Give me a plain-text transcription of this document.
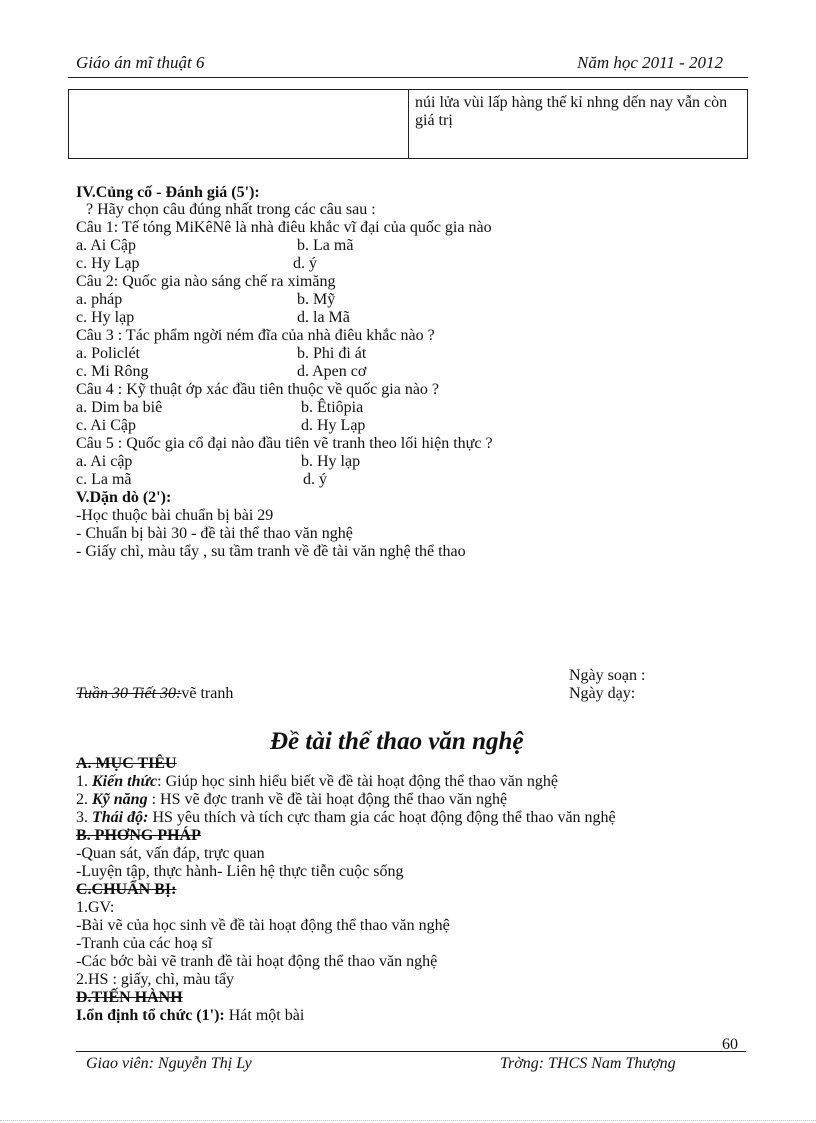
Giáo án mĩ thuật 6	Năm học 2011 - 2012
núi lửa vùi lấp hàng thế kỉ nhng dến nay vẫn còn giá trị
IV.Củng cố - Đánh giá (5'):
? Hãy chọn câu đúng nhất trong các câu sau :
Câu 1: Tế tóng MiKêNê là nhà điêu khắc vĩ đại của quốc gia nào
a. Ai Cập	b. La mã
c. Hy Lạp	d. ý
Câu 2: Quốc gia nào sáng chế ra ximăng
a. pháp	b. Mỹ
c. Hy lạp	d. la Mã
Câu 3 : Tác phẩm ngời ném đĩa của nhà điêu khắc nào ?
a. Policlét	b. Phi đi át
c. Mi Rông	d. Apen cơ
Câu 4 : Kỹ thuật ớp xác đầu tiên thuộc về quốc gia nào ?
a. Dim ba biê	b. Êtiôpia
c. Ai Cập	d. Hy Lạp
Câu 5 : Quốc gia cổ đại nào đầu tiên vẽ tranh theo lối hiện thực ?
a. Ai cập	b. Hy lạp
c. La mã	d. ý
V.Dặn dò (2'):
-Học thuộc bài chuẩn bị bài 29
- Chuẩn bị bài 30 - đề tài thể thao văn nghệ
- Giấy chì, màu tẩy , su tầm tranh về đề tài văn nghệ thể thao
Ngày soạn :
Ngày dạy:
Tuần 30 Tiết 30:vẽ tranh
Đề tài thể thao văn nghệ
A. MỤC TIÊU
1. Kiến thức: Giúp học sinh hiểu biết về đề tài hoạt động thể thao văn nghệ
2. Kỹ năng : HS vẽ đợc tranh về đề tài hoạt động thể thao văn nghệ
3. Thái độ: HS yêu thích và tích cực tham gia các hoạt động động thể thao văn nghệ
B. PHƠNG PHÁP
-Quan sát, vấn đáp, trực quan
-Luyện tập, thực hành- Liên hệ thực tiễn cuộc sống
C.CHUẨN BỊ:
1.GV:
-Bài vẽ của học sinh về đề tài hoạt động thể thao văn nghệ
-Tranh của các hoạ sĩ
-Các bớc bài vẽ tranh đề tài hoạt động thể thao văn nghệ
2.HS : giấy, chì, màu tẩy
D.TIẾN HÀNH
I.ổn định tổ chức (1'): Hát một bài
60
Giao viên: Nguyễn Thị Ly	Trờng: THCS Nam Thượng
